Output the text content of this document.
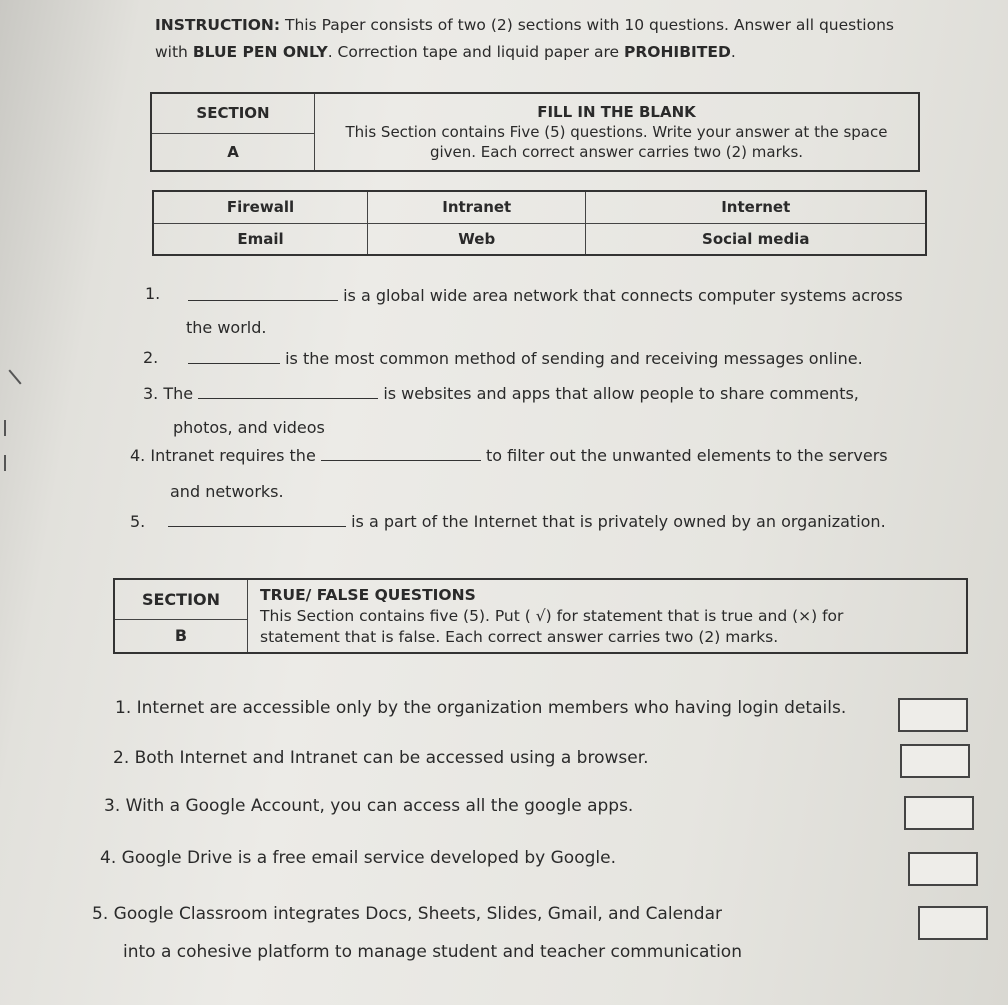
INSTRUCTION: This Paper consists of two (2) sections with 10 questions. Answer all questions
with BLUE PEN ONLY. Correction tape and liquid paper are PROHIBITED.
SECTION	FILL IN THE BLANK
This Section contains Five (5) questions. Write your answer at the space
given. Each correct answer carries two (2) marks.

A
Firewall	Intranet	Internet
Email	Web	Social media
1.	is a global wide area network that connects computer systems across
the world.
2.	is the most common method of sending and receiving messages online.
3. The	is websites and apps that allow people to share comments,
photos, and videos
4. Intranet requires the	to filter out the unwanted elements to the servers
and networks.
5.	is a part of the Internet that is privately owned by an organization.
SECTION	TRUE/ FALSE QUESTIONS
This Section contains five (5). Put ( √) for statement that is true and (×) for
statement that is false. Each correct answer carries two (2) marks.

B
1. Internet are accessible only by the organization members who having login details.
2. Both Internet and Intranet can be accessed using a browser.
3. With a Google Account, you can access all the google apps.
4. Google Drive is a free email service developed by Google.
5. Google Classroom integrates Docs, Sheets, Slides, Gmail, and Calendar
into a cohesive platform to manage student and teacher communication
